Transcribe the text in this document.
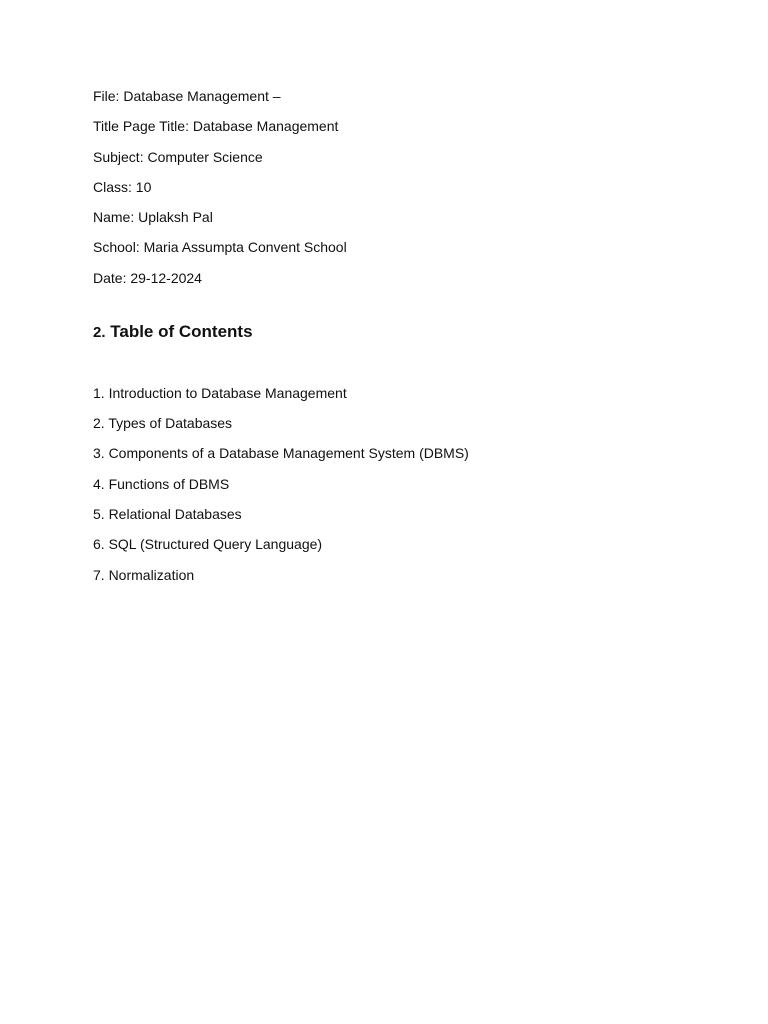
File: Database Management –
Title Page Title: Database Management
Subject: Computer Science
Class: 10
Name: Uplaksh Pal
School: Maria Assumpta Convent School
Date: 29-12-2024
2. Table of Contents
1. Introduction to Database Management
2. Types of Databases
3. Components of a Database Management System (DBMS)
4. Functions of DBMS
5. Relational Databases
6. SQL (Structured Query Language)
7. Normalization
